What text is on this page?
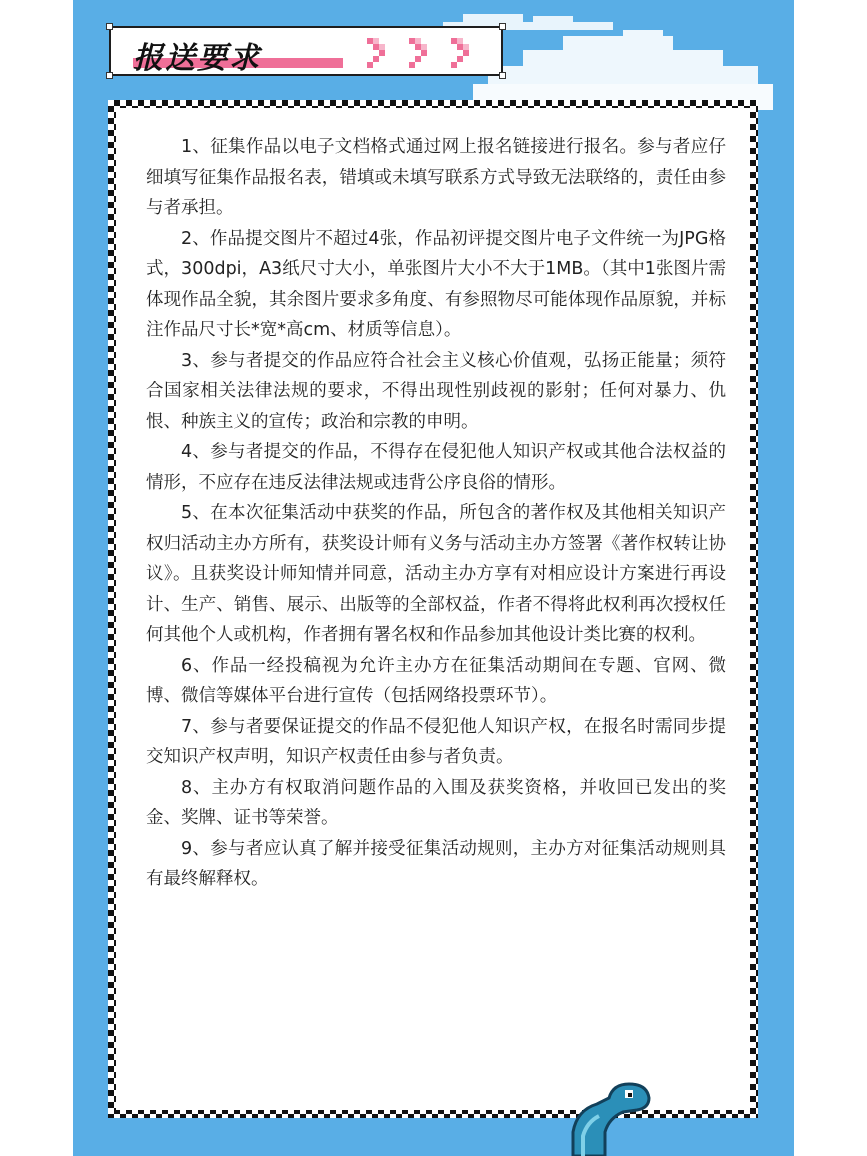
报送要求

1、征集作品以电子文档格式通过网上报名链接进行报名。参与者应仔细填写征集作品报名表，错填或未填写联系方式导致无法联络的，责任由参与者承担。

2、作品提交图片不超过4张，作品初评提交图片电子文件统一为JPG格式，300dpi，A3纸尺寸大小，单张图片大小不大于1MB。（其中1张图片需体现作品全貌，其余图片要求多角度、有参照物尽可能体现作品原貌，并标注作品尺寸长*宽*高cm、材质等信息）。

3、参与者提交的作品应符合社会主义核心价值观，弘扬正能量；须符合国家相关法律法规的要求，不得出现性别歧视的影射；任何对暴力、仇恨、种族主义的宣传；政治和宗教的申明。

4、参与者提交的作品，不得存在侵犯他人知识产权或其他合法权益的情形，不应存在违反法律法规或违背公序良俗的情形。

5、在本次征集活动中获奖的作品，所包含的著作权及其他相关知识产权归活动主办方所有，获奖设计师有义务与活动主办方签署《著作权转让协议》。且获奖设计师知情并同意，活动主办方享有对相应设计方案进行再设计、生产、销售、展示、出版等的全部权益，作者不得将此权利再次授权任何其他个人或机构，作者拥有署名权和作品参加其他设计类比赛的权利。

6、作品一经投稿视为允许主办方在征集活动期间在专题、官网、微博、微信等媒体平台进行宣传（包括网络投票环节）。

7、参与者要保证提交的作品不侵犯他人知识产权，在报名时需同步提交知识产权声明，知识产权责任由参与者负责。

8、主办方有权取消问题作品的入围及获奖资格，并收回已发出的奖金、奖牌、证书等荣誉。

9、参与者应认真了解并接受征集活动规则，主办方对征集活动规则具有最终解释权。
